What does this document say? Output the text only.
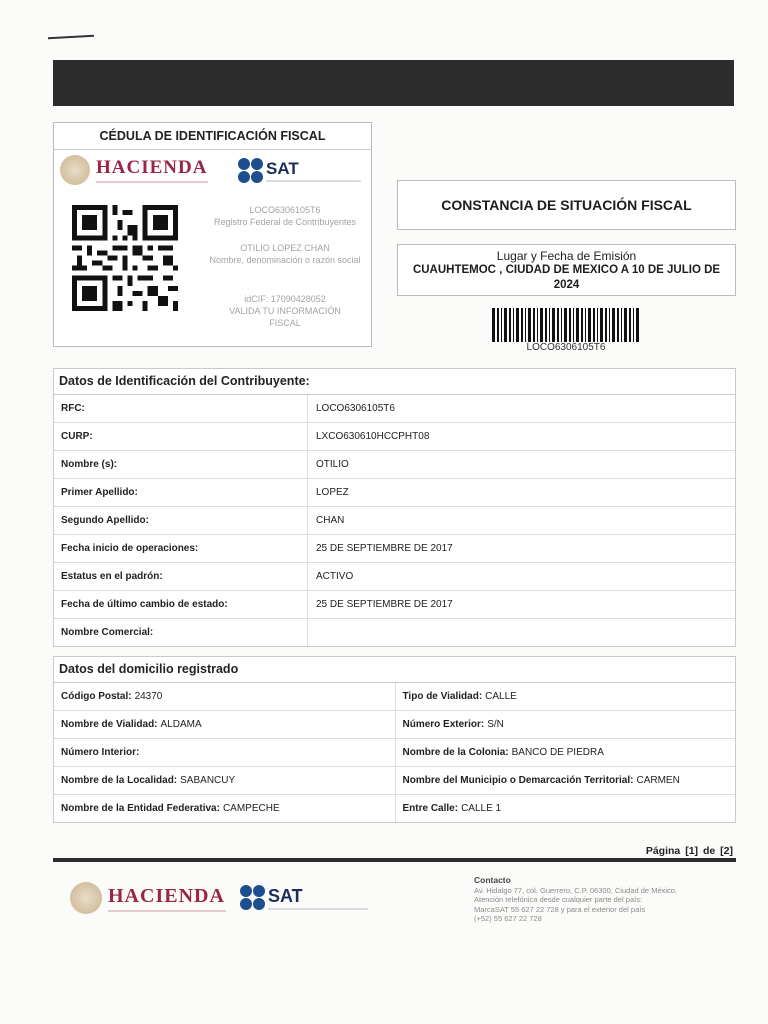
CÉDULA DE IDENTIFICACIÓN FISCAL
HACIENDA	SAT
LOCO6306105T6
Registro Federal de Contribuyentes
OTILIO LOPEZ CHAN
Nombre, denominación o razón social
idCIF: 17090428052
VALIDA TU INFORMACIÓN FISCAL
CONSTANCIA DE SITUACIÓN FISCAL
Lugar y Fecha de Emisión
CUAUHTEMOC , CIUDAD DE MEXICO A 10 DE JULIO DE 2024
LOCO6306105T6
Datos de Identificación del Contribuyente:
RFC:	LOCO6306105T6
CURP:	LXCO630610HCCPHT08
Nombre (s):	OTILIO
Primer Apellido:	LOPEZ
Segundo Apellido:	CHAN
Fecha inicio de operaciones:	25 DE SEPTIEMBRE DE 2017
Estatus en el padrón:	ACTIVO
Fecha de último cambio de estado:	25 DE SEPTIEMBRE DE 2017
Nombre Comercial:
Datos del domicilio registrado
Código Postal: 24370	Tipo de Vialidad: CALLE
Nombre de Vialidad: ALDAMA	Número Exterior: S/N
Número Interior:	Nombre de la Colonia: BANCO DE PIEDRA
Nombre de la Localidad: SABANCUY	Nombre del Municipio o Demarcación Territorial: CARMEN
Nombre de la Entidad Federativa: CAMPECHE	Entre Calle: CALLE 1
Página [1] de [2]
HACIENDA SAT
Contacto
Av. Hidalgo 77, col. Guerrero, C.P. 06300, Ciudad de México.
Atención telefónica desde cualquier parte del país:
MarcaSAT 55 627 22 728 y para el exterior del país
(+52) 55 627 22 728
